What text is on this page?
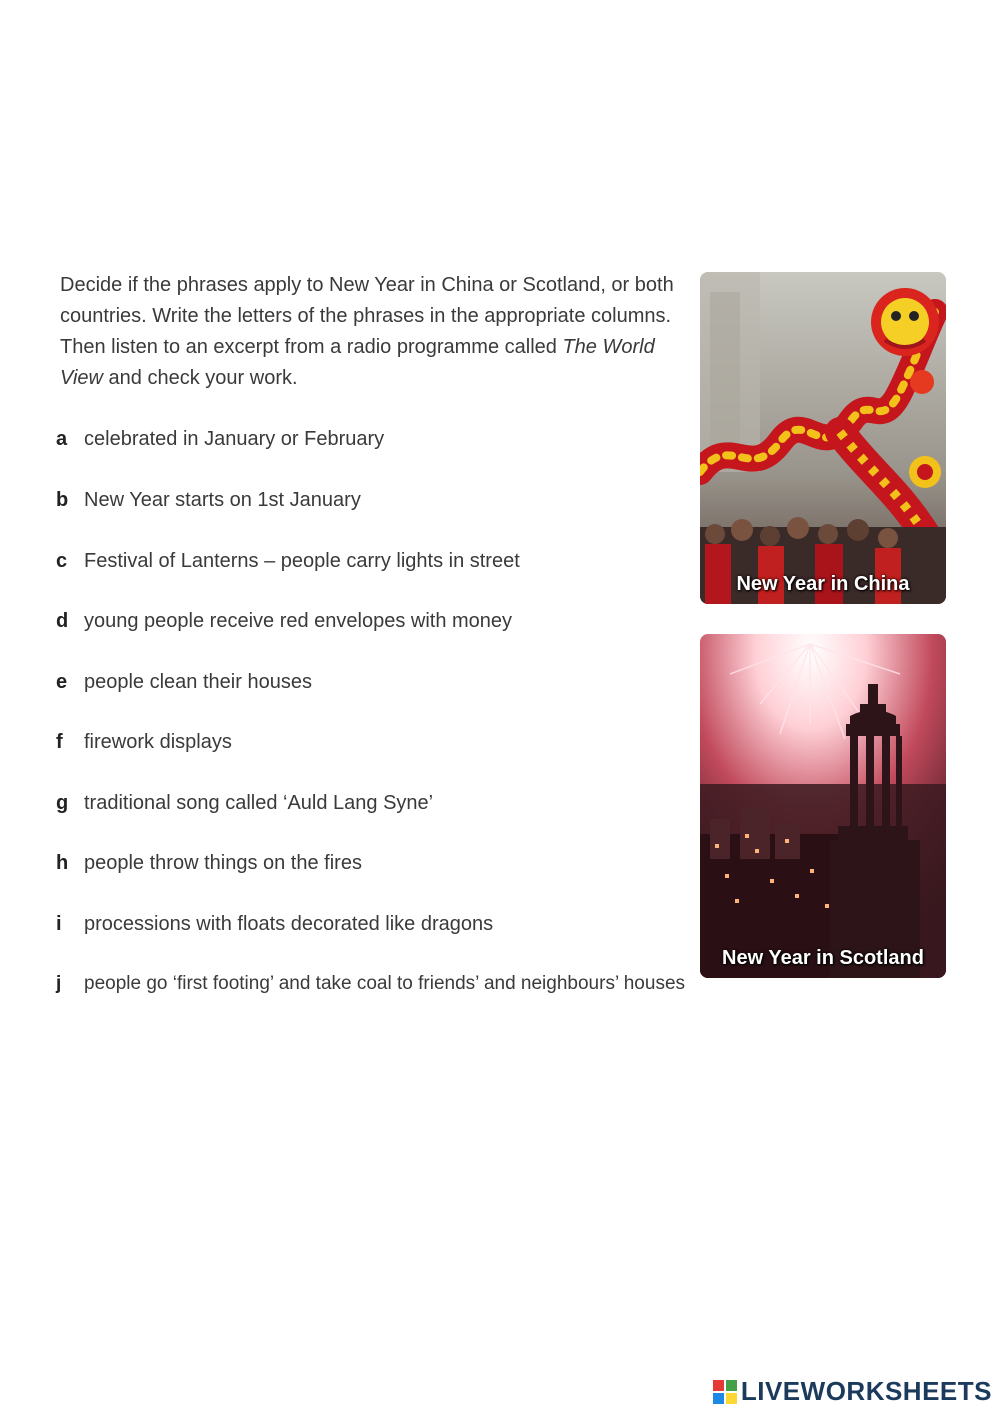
Decide if the phrases apply to New Year in China or Scotland, or both countries. Write the letters of the phrases in the appropriate columns. Then listen to an excerpt from a radio programme called The World View and check your work.

a celebrated in January or February
b New Year starts on 1st January
c Festival of Lanterns – people carry lights in street
d young people receive red envelopes with money
e people clean their houses
f firework displays
g traditional song called ‘Auld Lang Syne’
h people throw things on the fires
i processions with floats decorated like dragons
j people go ‘first footing’ and take coal to friends’ and neighbours’ houses
New Year in China
New Year in Scotland
LIVEWORKSHEETS
